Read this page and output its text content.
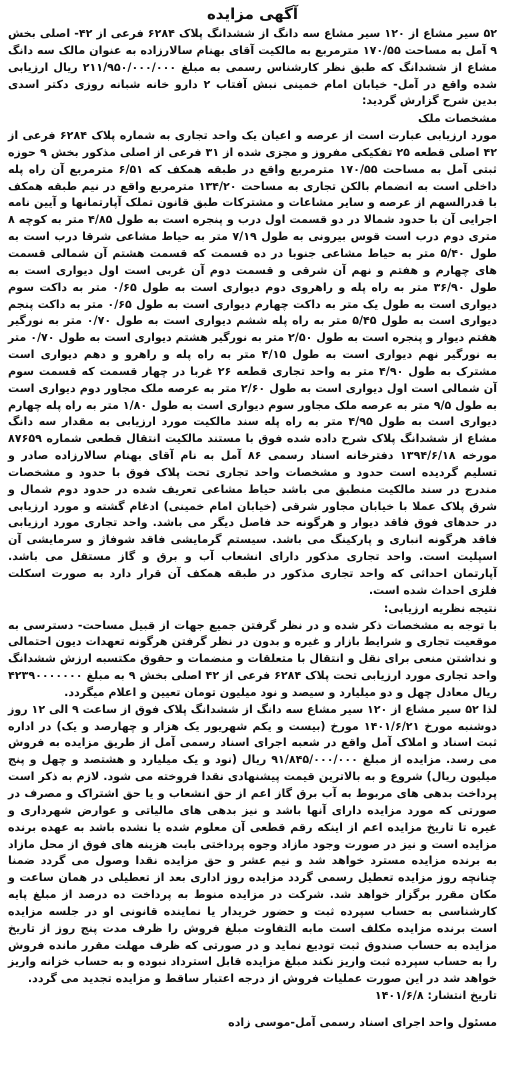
آگهی مزایده

۵۲ سیر مشاع از ۱۲۰ سیر مشاع سه دانگ از ششدانگ پلاک ۶۲۸۴ فرعی از ۴۲- اصلی بخش ۹ آمل به مساحت ۱۷۰/۵۵ مترمربع به مالکیت آقای بهنام سالارزاده به عنوان مالک سه دانگ مشاع از ششدانگ که طبق نظر کارشناس رسمی به مبلغ ۲۱۱/۹۵۰/۰۰۰/۰۰۰ ریال ارزیابی شده واقع در آمل- خیابان امام خمینی نبش آفتاب ۲ دارو خانه شبانه روزی دکتر اسدی بدین شرح گزارش گردید:

مشخصات ملک

مورد ارزیابی عبارت است از عرصه و اعیان یک واحد تجاری به شماره پلاک ۶۲۸۴ فرعی از ۴۲ اصلی قطعه ۲۵ تفکیکی مفروز و مجزی شده از ۳۱ فرعی از اصلی مذکور بخش ۹ حوزه ثبتی آمل به مساحت ۱۷۰/۵۵ مترمربع واقع در طبقه همکف که ۶/۵۱ مترمربع آن راه پله داخلی است به انضمام بالکن تجاری به مساحت ۱۳۴/۲۰ مترمربع واقع در نیم طبقه همکف با قدرالسهم از عرصه و سایر مشاعات و مشترکات طبق قانون تملک آپارتمانها و آیین نامه اجرایی آن با حدود شمالا در دو قسمت اول درب و پنجره است به طول ۴/۸۵ متر به کوچه ۸ متری دوم درب است قوس بیرونی به طول ۷/۱۹ متر به حیاط مشاعی شرقا درب است به طول ۵/۴۰ متر به حیاط مشاعی جنوبا در ده قسمت که قسمت هشتم آن شمالی قسمت های چهارم و هفتم و نهم آن شرقی و قسمت دوم آن غربی است اول دیواری است به طول ۳۶/۹۰ متر به راه پله و راهروی دوم دیواری است به طول ۰/۶۵ متر به داکت سوم دیواری است به طول یک متر به داکت چهارم دیواری است به طول ۰/۶۵ متر به داکت پنجم دیواری است به طول ۵/۴۵ متر به راه پله ششم دیواری است به طول ۰/۷۰ متر به نورگیر هفتم دیوار و پنجره است به طول ۲/۵۰ متر به نورگیر هشتم دیواری است به طول ۰/۷۰ متر به نورگیر نهم دیواری است به طول ۴/۱۵ متر به راه پله و راهرو و دهم دیواری است مشترک به طول ۴/۹۰ متر به واحد تجاری قطعه ۲۶ غربا در چهار قسمت که قسمت سوم آن شمالی است اول دیواری است به طول ۲/۶۰ متر به عرصه ملک مجاور دوم دیواری است به طول ۹/۵ متر به عرصه ملک مجاور سوم دیواری است به طول ۱/۸۰ متر به راه پله چهارم دیواری است به طول ۴/۹۵ متر به راه پله سند مالکیت مورد ارزیابی به مقدار سه دانگ مشاع از ششدانگ پلاک شرح داده شده فوق با مستند مالکیت انتقال قطعی شماره ۸۷۶۵۹ مورخه ۱۳۹۴/۶/۱۸ دفترخانه اسناد رسمی ۸۶ آمل به نام آقای بهنام سالارزاده صادر و تسلیم گردیده است حدود و مشخصات واحد تجاری تحت پلاک فوق با حدود و مشخصات مندرج در سند مالکیت منطبق می باشد حیاط مشاعی تعریف شده در حدود دوم شمال و شرق پلاک عملا با خیابان مجاور شرقی (خیابان امام خمینی) ادغام گشته و مورد ارزیابی در حدهای فوق فاقد دیوار و هرگونه حد فاصل دیگر می باشد. واحد تجاری مورد ارزیابی فاقد هرگونه انباری و پارکینگ می باشد. سیستم گرمایشی فاقد شوفاژ و سرمایشی آن اسپلیت است. واحد تجاری مذکور دارای انشعاب آب و برق و گاز مستقل می باشد. آپارتمان احداثی که واحد تجاری مذکور در طبقه همکف آن قرار دارد به صورت اسکلت فلزی احداث شده است.

نتیجه نظریه ارزیابی:

با توجه به مشخصات ذکر شده و در نظر گرفتن جمیع جهات از قبیل مساحت- دسترسی به موقعیت تجاری و شرایط بازار و غیره و بدون در نظر گرفتن هرگونه تعهدات دیون احتمالی و نداشتن منعی برای نقل و انتقال با متعلقات و منضمات و حقوق مکتسبه ارزش ششدانگ واحد تجاری مورد ارزیابی تحت پلاک ۶۲۸۴ فرعی از ۴۲ اصلی بخش ۹ به مبلغ ۴۲۳۹۰۰۰۰۰۰۰ ریال معادل چهل و دو میلیارد و سیصد و نود میلیون تومان تعیین و اعلام میگردد.

لذا ۵۲ سیر مشاع از ۱۲۰ سیر مشاع سه دانگ از ششدانگ پلاک فوق از ساعت ۹ الی ۱۲ روز دوشنبه مورخ ۱۴۰۱/۶/۲۱ مورخ (بیست و یکم شهریور یک هزار و چهارصد و یک) در اداره ثبت اسناد و املاک آمل واقع در شعبه اجرای اسناد رسمی آمل از طریق مزایده به فروش می رسد. مزایده از مبلغ ۹۱/۸۴۵/۰۰۰/۰۰۰ ریال (نود و یک میلیارد و هشتصد و چهل و پنج میلیون ریال) شروع و به بالاترین قیمت پیشنهادی نقدا فروخته می شود. لازم به ذکر است پرداخت بدهی های مربوط به آب برق گاز اعم از حق انشعاب و یا حق اشتراک و مصرف در صورتی که مورد مزایده دارای آنها باشد و نیز بدهی های مالیاتی و عوارض شهرداری و غیره تا تاریخ مزایده اعم از اینکه رقم قطعی آن معلوم شده یا نشده باشد به عهده برنده مزایده است و نیز در صورت وجود مازاد وجوه پرداختی بابت هزینه های فوق از محل مازاد به برنده مزایده مسترد خواهد شد و نیم عشر و حق مزایده نقدا وصول می گردد ضمنا چنانچه روز مزایده تعطیل رسمی گردد مزایده روز اداری بعد از تعطیلی در همان ساعت و مکان مقرر برگزار خواهد شد. شرکت در مزایده منوط به پرداخت ده درصد از مبلغ پایه کارشناسی به حساب سپرده ثبت و حضور خریدار یا نماینده قانونی او در جلسه مزایده است برنده مزایده مکلف است مابه التفاوت مبلغ فروش را ظرف مدت پنج روز از تاریخ مزایده به حساب صندوق ثبت تودیع نماید و در صورتی که ظرف مهلت مقرر مانده فروش را به حساب سپرده ثبت واریز نکند مبلغ مزایده قابل استرداد نبوده و به حساب خزانه واریز خواهد شد در این صورت عملیات فروش از درجه اعتبار ساقط و مزایده تجدید می گردد.

تاریخ انتشار: ۱۴۰۱/۶/۸

مسئول واحد اجرای اسناد رسمی آمل-موسی زاده
